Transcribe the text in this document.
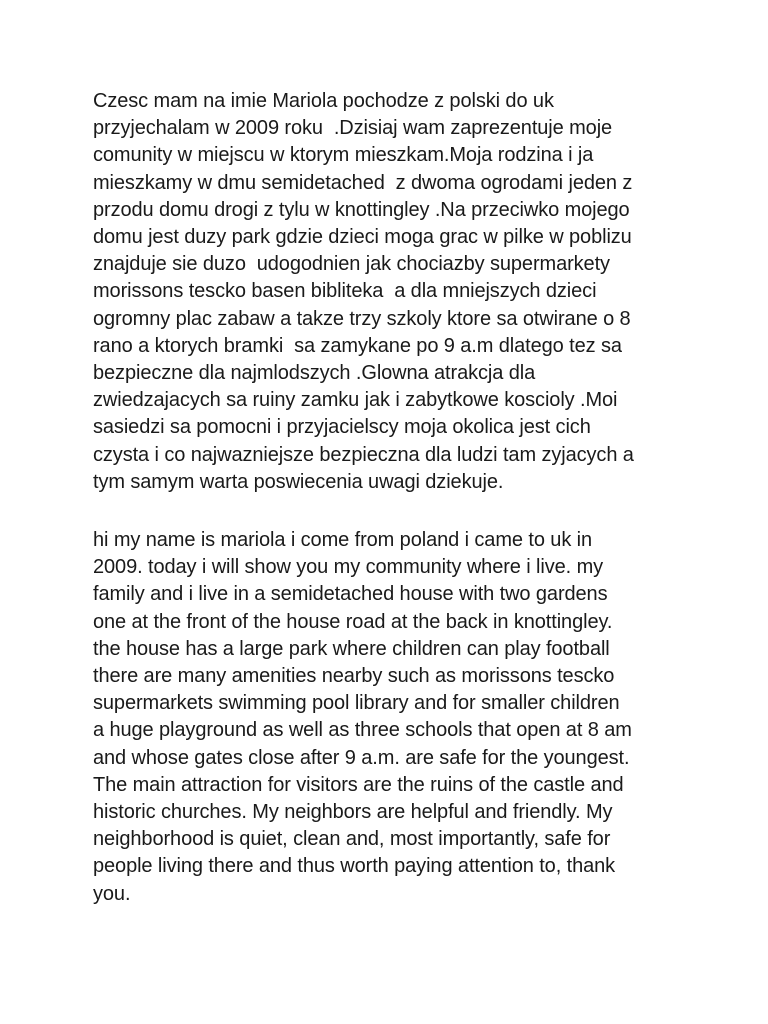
Czesc mam na imie Mariola pochodze z polski do uk
przyjechalam w 2009 roku  .Dzisiaj wam zaprezentuje moje
comunity w miejscu w ktorym mieszkam.Moja rodzina i ja
mieszkamy w dmu semidetached  z dwoma ogrodami jeden z
przodu domu drogi z tylu w knottingley .Na przeciwko mojego
domu jest duzy park gdzie dzieci moga grac w pilke w poblizu
znajduje sie duzo  udogodnien jak chociazby supermarkety
morissons tescko basen bibliteka  a dla mniejszych dzieci
ogromny plac zabaw a takze trzy szkoly ktore sa otwirane o 8
rano a ktorych bramki  sa zamykane po 9 a.m dlatego tez sa
bezpieczne dla najmlodszych .Glowna atrakcja dla
zwiedzajacych sa ruiny zamku jak i zabytkowe koscioly .Moi
sasiedzi sa pomocni i przyjacielscy moja okolica jest cich
czysta i co najwazniejsze bezpieczna dla ludzi tam zyjacych a
tym samym warta poswiecenia uwagi dziekuje.

hi my name is mariola i come from poland i came to uk in
2009. today i will show you my community where i live. my
family and i live in a semidetached house with two gardens
one at the front of the house road at the back in knottingley.
the house has a large park where children can play football
there are many amenities nearby such as morissons tescko
supermarkets swimming pool library and for smaller children
a huge playground as well as three schools that open at 8 am
and whose gates close after 9 a.m. are safe for the youngest.
The main attraction for visitors are the ruins of the castle and
historic churches. My neighbors are helpful and friendly. My
neighborhood is quiet, clean and, most importantly, safe for
people living there and thus worth paying attention to, thank
you.
